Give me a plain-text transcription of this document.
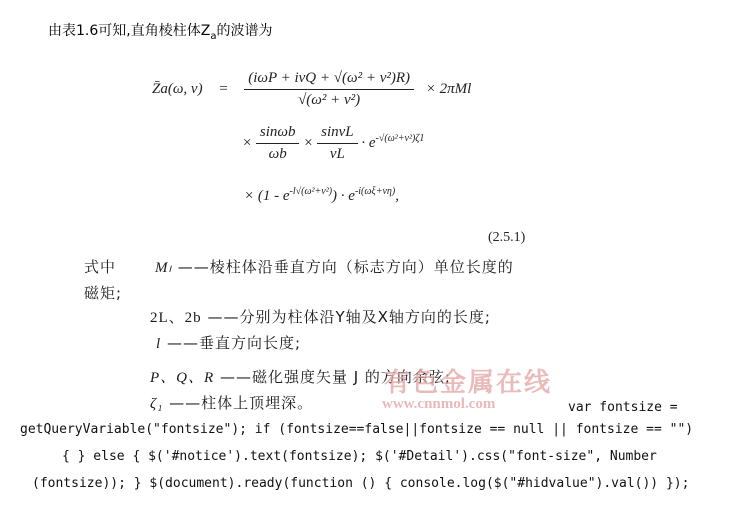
由表1.6可知,直角棱柱体$Z_a$的波谱为
Z̄a(ω, $\nu) = \frac{\text{(iωP + iνQ + √(ω² + ν²)R)}}{\text{√(ω² + ν²)}} \times 2\pi Ml$
× $\frac{\sin\omega b}{\omega b} \times \frac{\sin\nu L}{\nu L} \cdot e^{-√(\omega^2+\nu^2)\zeta 1}$
× $(1 - e^{-l√(\omega^2+\nu^2)}) \cdot e^{-i(\omega\xi+\nu\eta)}$,
(2.5.1)
式中
磁矩;
Mₗ ——棱柱体沿垂直方向（标志方向）单位长度的
2L、2b ——分别为柱体沿Y轴及X轴方向的长度;
l ——垂直方向长度;
P、Q、R ——磁化强度矢量 J 的方向余弦;
ζ₁ ——柱体上顶埋深。
有色金属在线
www.cnnmol.com	var fontsize =
getQueryVariable("fontsize"); if (fontsize==false||fontsize == null || fontsize == "")
{ } else { $('#notice').text(fontsize); $('#Detail').css("font-size", Number
(fontsize)); } $(document).ready(function () { console.log($("#hidvalue").val()) });
